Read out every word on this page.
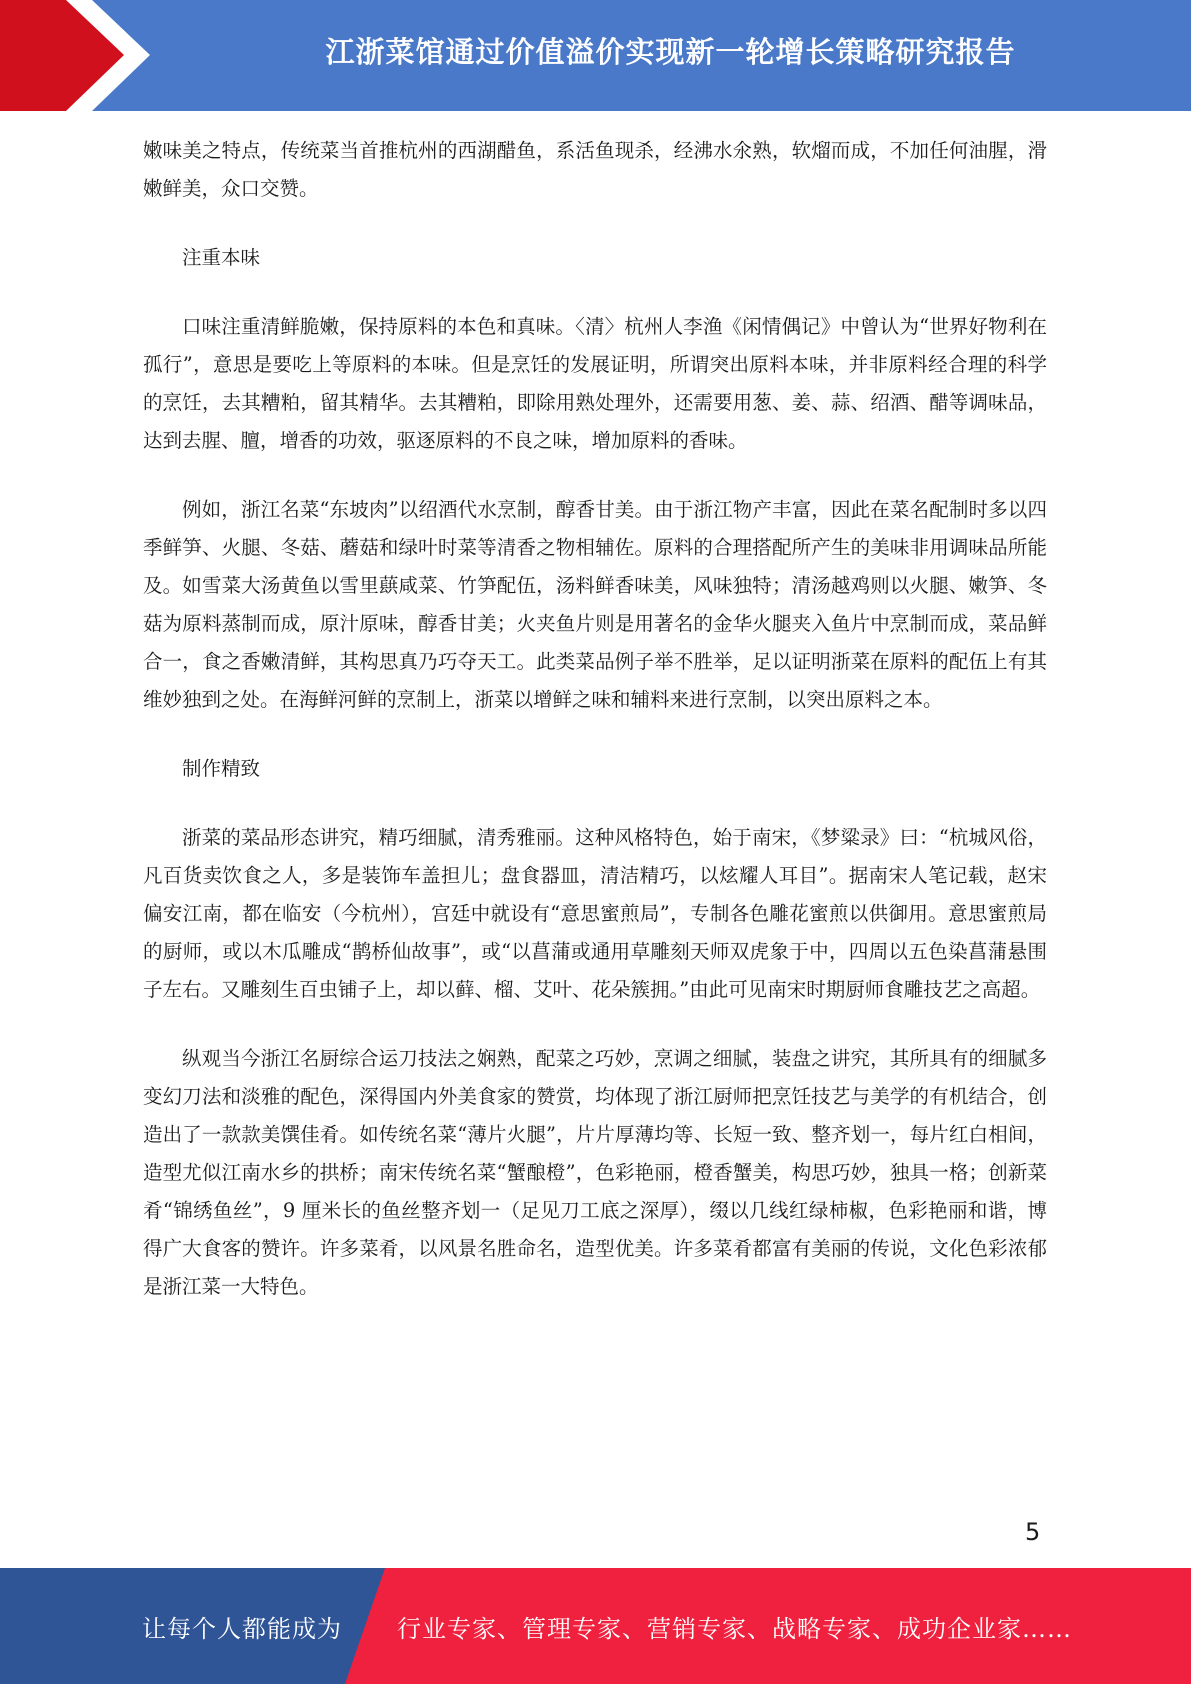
江浙菜馆通过价值溢价实现新一轮增长策略研究报告

嫩味美之特点，传统菜当首推杭州的西湖醋鱼，系活鱼现杀，经沸水氽熟，软熘而成，不加任何油腥，滑嫩鲜美，众口交赞。

注重本味

口味注重清鲜脆嫩，保持原料的本色和真味。〈清〉杭州人李渔《闲情偶记》中曾认为“世界好物利在孤行”，意思是要吃上等原料的本味。但是烹饪的发展证明，所谓突出原料本味，并非原料经合理的科学的烹饪，去其糟粕，留其精华。去其糟粕，即除用熟处理外，还需要用葱、姜、蒜、绍酒、醋等调味品，达到去腥、膻，增香的功效，驱逐原料的不良之味，增加原料的香味。

例如，浙江名菜“东坡肉”以绍酒代水烹制，醇香甘美。由于浙江物产丰富，因此在菜名配制时多以四季鲜笋、火腿、冬菇、蘑菇和绿叶时菜等清香之物相辅佐。原料的合理搭配所产生的美味非用调味品所能及。如雪菜大汤黄鱼以雪里蕻咸菜、竹笋配伍，汤料鲜香味美，风味独特；清汤越鸡则以火腿、嫩笋、冬菇为原料蒸制而成，原汁原味，醇香甘美；火夹鱼片则是用著名的金华火腿夹入鱼片中烹制而成，菜品鲜合一，食之香嫩清鲜，其构思真乃巧夺天工。此类菜品例子举不胜举，足以证明浙菜在原料的配伍上有其维妙独到之处。在海鲜河鲜的烹制上，浙菜以增鲜之味和辅料来进行烹制，以突出原料之本。

制作精致

浙菜的菜品形态讲究，精巧细腻，清秀雅丽。这种风格特色，始于南宋，《梦粱录》曰：“杭城风俗，凡百货卖饮食之人，多是装饰车盖担儿；盘食器皿，清洁精巧，以炫耀人耳目”。据南宋人笔记载，赵宋偏安江南，都在临安（今杭州），宫廷中就设有“意思蜜煎局”，专制各色雕花蜜煎以供御用。意思蜜煎局的厨师，或以木瓜雕成“鹊桥仙故事”，或“以菖蒲或通用草雕刻天师双虎象于中，四周以五色染菖蒲悬围子左右。又雕刻生百虫铺子上，却以藓、榴、艾叶、花朵簇拥。”由此可见南宋时期厨师食雕技艺之高超。

纵观当今浙江名厨综合运刀技法之娴熟，配菜之巧妙，烹调之细腻，装盘之讲究，其所具有的细腻多变幻刀法和淡雅的配色，深得国内外美食家的赞赏，均体现了浙江厨师把烹饪技艺与美学的有机结合，创造出了一款款美馔佳肴。如传统名菜“薄片火腿”，片片厚薄均等、长短一致、整齐划一，每片红白相间，造型尤似江南水乡的拱桥；南宋传统名菜“蟹酿橙”，色彩艳丽，橙香蟹美，构思巧妙，独具一格；创新菜肴“锦绣鱼丝”，9 厘米长的鱼丝整齐划一（足见刀工底之深厚），缀以几线红绿柿椒，色彩艳丽和谐，博得广大食客的赞许。许多菜肴，以风景名胜命名，造型优美。许多菜肴都富有美丽的传说，文化色彩浓郁是浙江菜一大特色。

5
让每个人都能成为 行业专家、管理专家、营销专家、战略专家、成功企业家……
